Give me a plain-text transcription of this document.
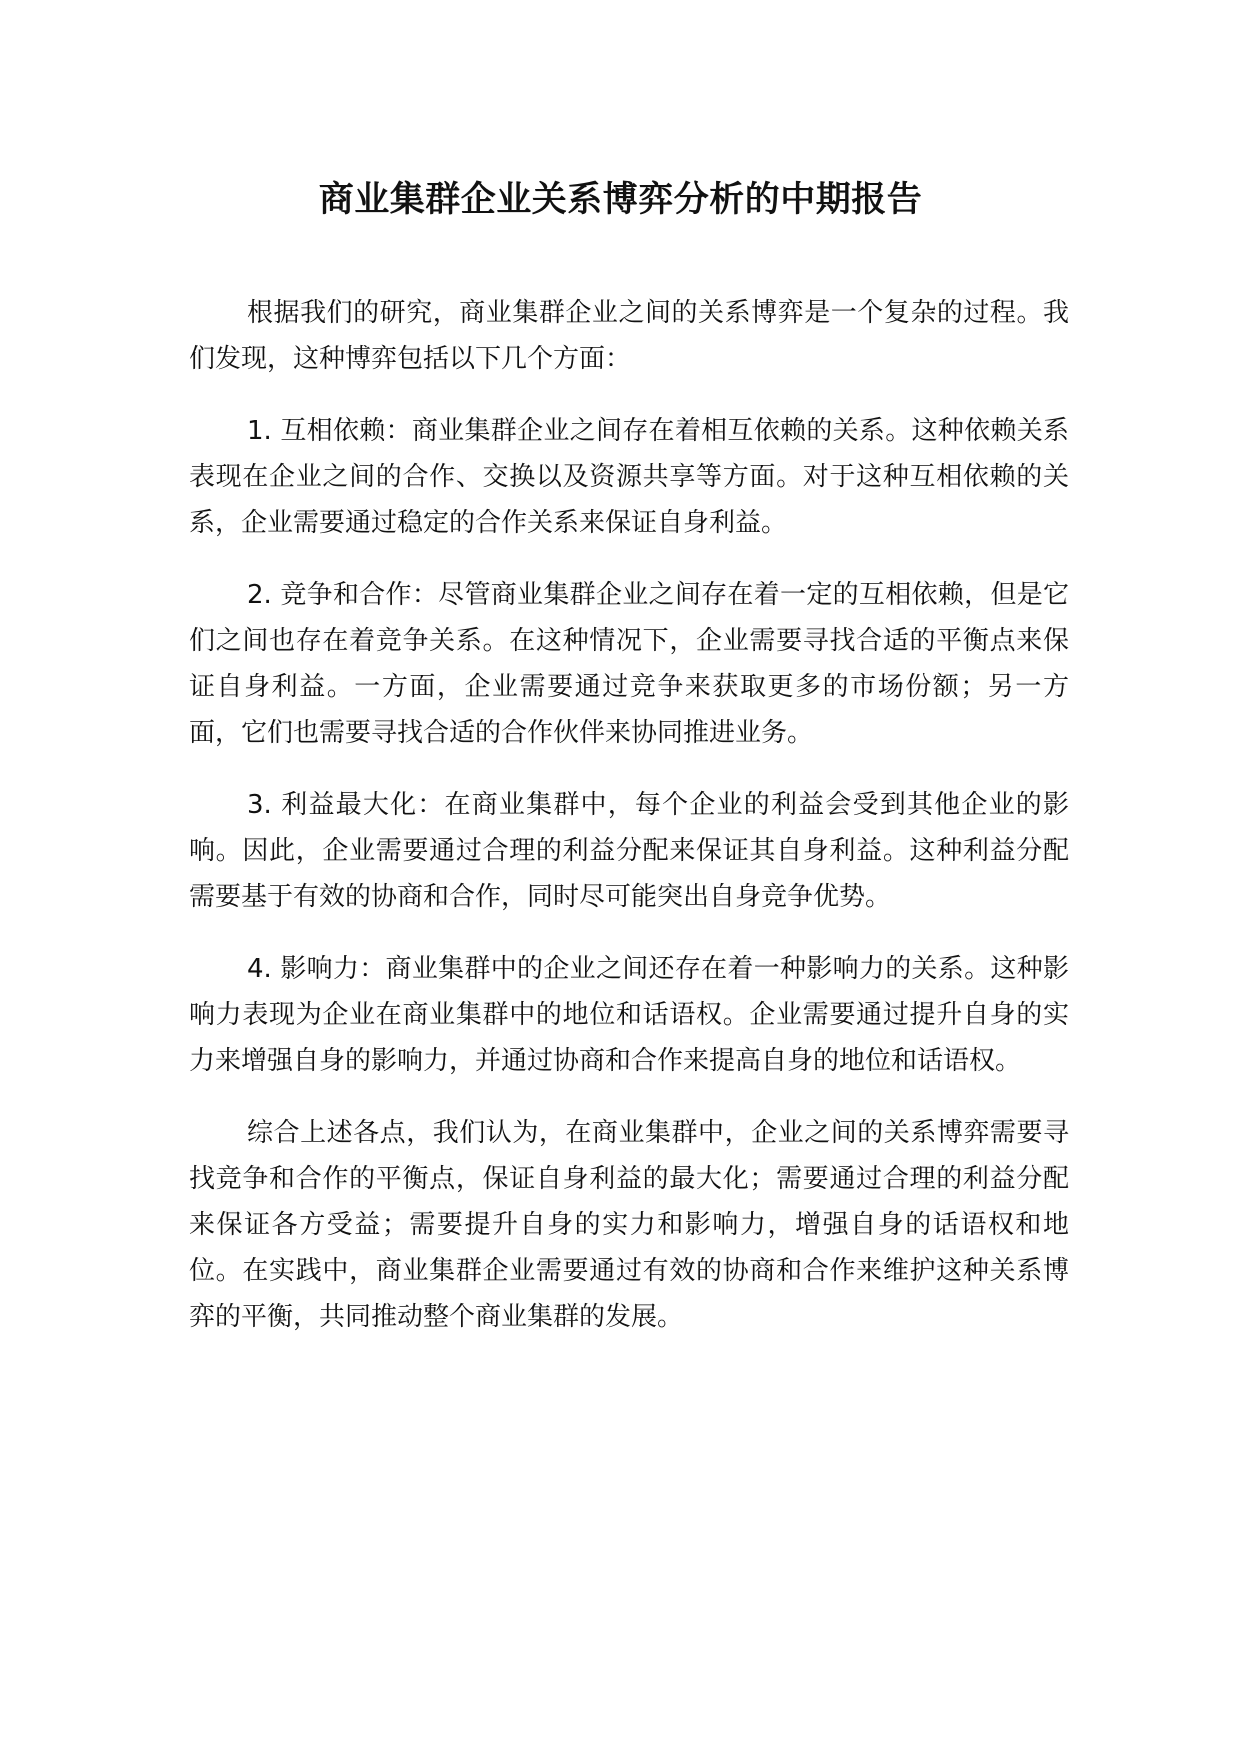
商业集群企业关系博弈分析的中期报告

根据我们的研究，商业集群企业之间的关系博弈是一个复杂的过程。我们发现，这种博弈包括以下几个方面：

1. 互相依赖：商业集群企业之间存在着相互依赖的关系。这种依赖关系表现在企业之间的合作、交换以及资源共享等方面。对于这种互相依赖的关系，企业需要通过稳定的合作关系来保证自身利益。

2. 竞争和合作：尽管商业集群企业之间存在着一定的互相依赖，但是它们之间也存在着竞争关系。在这种情况下，企业需要寻找合适的平衡点来保证自身利益。一方面，企业需要通过竞争来获取更多的市场份额；另一方面，它们也需要寻找合适的合作伙伴来协同推进业务。

3. 利益最大化：在商业集群中，每个企业的利益会受到其他企业的影响。因此，企业需要通过合理的利益分配来保证其自身利益。这种利益分配需要基于有效的协商和合作，同时尽可能突出自身竞争优势。

4. 影响力：商业集群中的企业之间还存在着一种影响力的关系。这种影响力表现为企业在商业集群中的地位和话语权。企业需要通过提升自身的实力来增强自身的影响力，并通过协商和合作来提高自身的地位和话语权。

综合上述各点，我们认为，在商业集群中，企业之间的关系博弈需要寻找竞争和合作的平衡点，保证自身利益的最大化；需要通过合理的利益分配来保证各方受益；需要提升自身的实力和影响力，增强自身的话语权和地位。在实践中，商业集群企业需要通过有效的协商和合作来维护这种关系博弈的平衡，共同推动整个商业集群的发展。
